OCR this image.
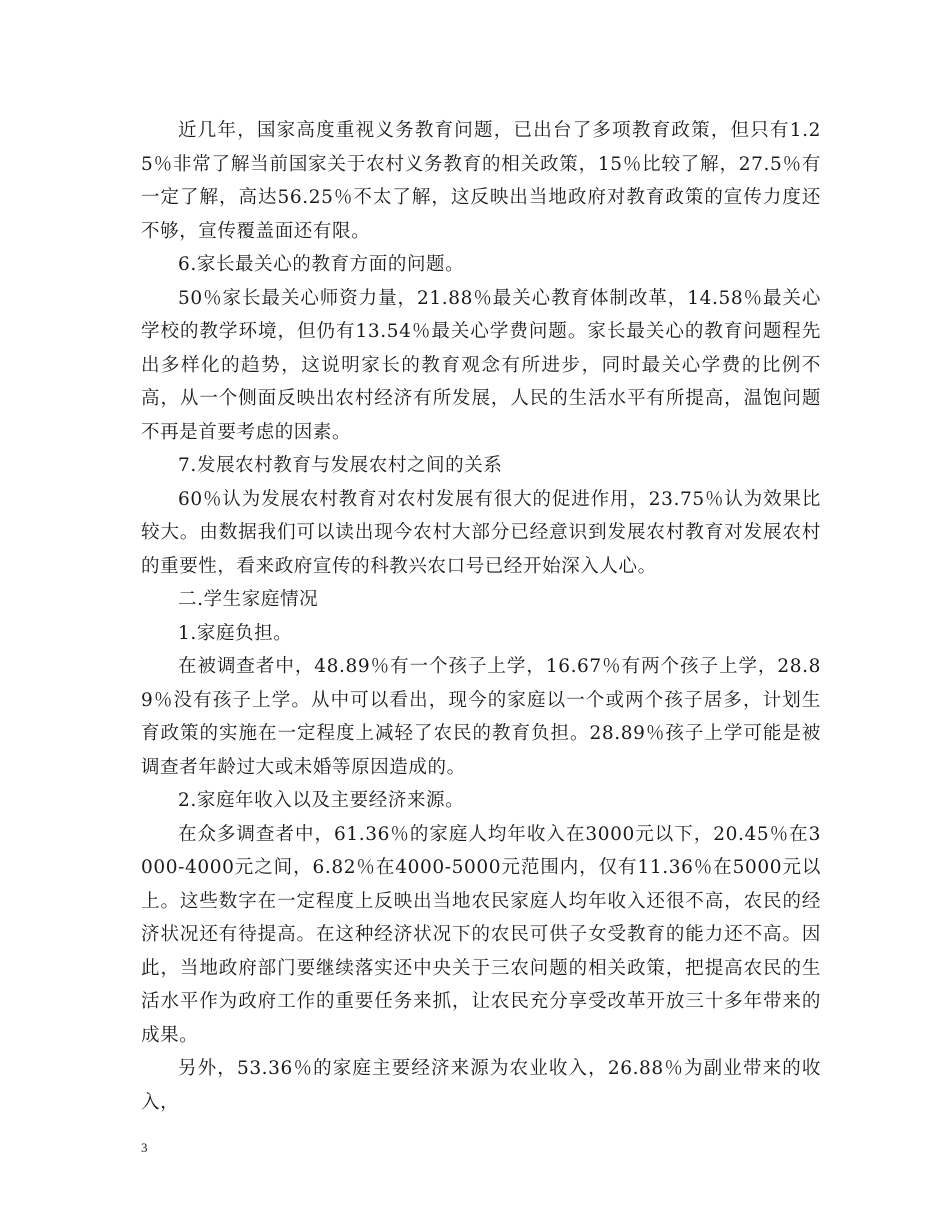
近几年，国家高度重视义务教育问题，已出台了多项教育政策，但只有1.25％非常了解当前国家关于农村义务教育的相关政策，15％比较了解，27.5％有一定了解，高达56.25％不太了解，这反映出当地政府对教育政策的宣传力度还不够，宣传覆盖面还有限。

6.家长最关心的教育方面的问题。

50％家长最关心师资力量，21.88％最关心教育体制改革，14.58％最关心学校的教学环境，但仍有13.54％最关心学费问题。家长最关心的教育问题程先出多样化的趋势，这说明家长的教育观念有所进步，同时最关心学费的比例不高，从一个侧面反映出农村经济有所发展，人民的生活水平有所提高，温饱问题不再是首要考虑的因素。

7.发展农村教育与发展农村之间的关系

60％认为发展农村教育对农村发展有很大的促进作用，23.75％认为效果比较大。由数据我们可以读出现今农村大部分已经意识到发展农村教育对发展农村的重要性，看来政府宣传的科教兴农口号已经开始深入人心。

二.学生家庭情况

1.家庭负担。

在被调查者中，48.89％有一个孩子上学，16.67％有两个孩子上学，28.89％没有孩子上学。从中可以看出，现今的家庭以一个或两个孩子居多，计划生育政策的实施在一定程度上减轻了农民的教育负担。28.89％孩子上学可能是被调查者年龄过大或未婚等原因造成的。

2.家庭年收入以及主要经济来源。

在众多调查者中，61.36％的家庭人均年收入在3000元以下，20.45％在3000-4000元之间，6.82％在4000-5000元范围内，仅有11.36％在5000元以上。这些数字在一定程度上反映出当地农民家庭人均年收入还很不高，农民的经济状况还有待提高。在这种经济状况下的农民可供子女受教育的能力还不高。因此，当地政府部门要继续落实还中央关于三农问题的相关政策，把提高农民的生活水平作为政府工作的重要任务来抓，让农民充分享受改革开放三十多年带来的成果。

另外，53.36％的家庭主要经济来源为农业收入，26.88％为副业带来的收入，

3
